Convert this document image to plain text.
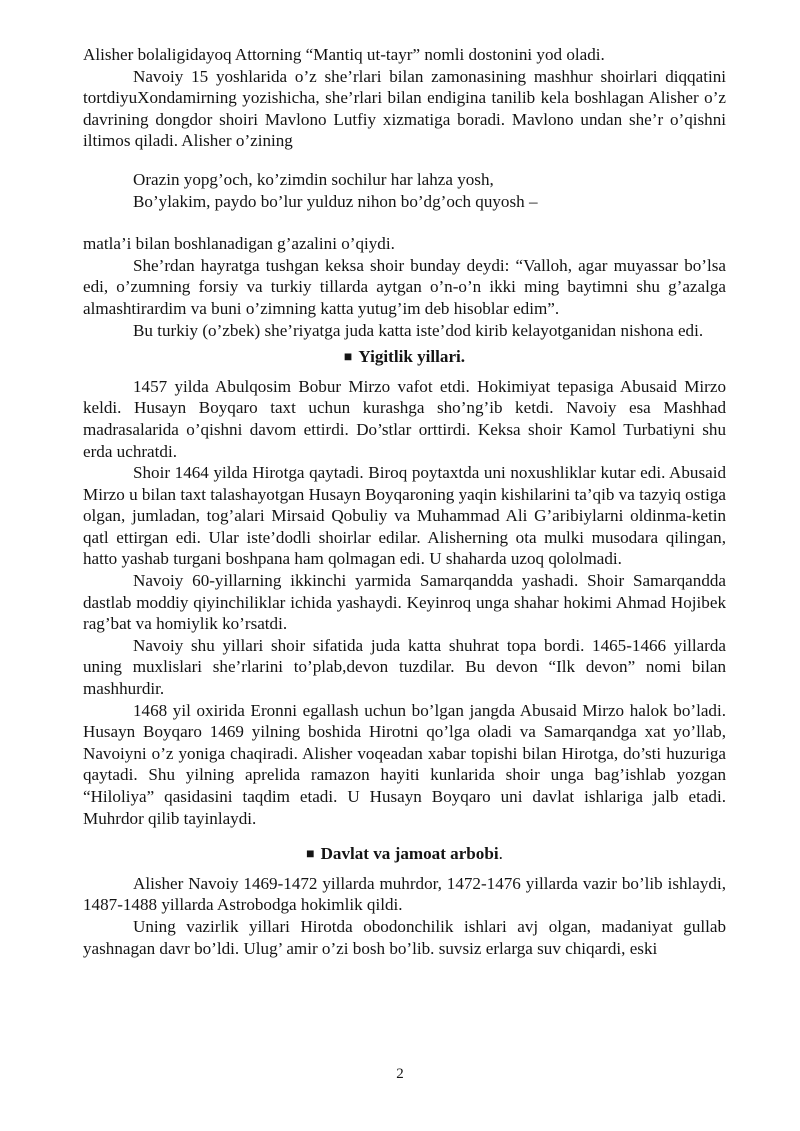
Alisher bolaligidayoq Attorning “Mantiq ut-tayr” nomli dostonini yod oladi.

Navoiy 15 yoshlarida o’z she’rlari bilan zamonasining mashhur shoirlari diqqatini tortdiyuXondamirning yozishicha, she’rlari bilan endigina tanilib kela boshlagan Alisher o’z davrining dongdor shoiri Mavlono Lutfiy xizmatiga boradi. Mavlono undan she’r o’qishni iltimos qiladi. Alisher o’zining

Orazin yopg’och, ko’zimdin sochilur har lahza yosh,
Bo’ylakim, paydo bo’lur yulduz nihon bo’dg’och quyosh –

matla’i bilan boshlanadigan g’azalini o’qiydi.

She’rdan hayratga tushgan keksa shoir bunday deydi: “Valloh, agar muyassar bo’lsa edi, o’zumning forsiy va turkiy tillarda aytgan o’n-o’n ikki ming baytimni shu g’azalga almashtirardim va buni o’zimning katta yutug’im deb hisoblar edim”.

Bu turkiy (o’zbek) she’riyatga juda katta iste’dod kirib kelayotganidan nishona edi.

■ Yigitlik yillari.

1457 yilda Abulqosim Bobur Mirzo vafot etdi. Hokimiyat tepasiga Abusaid Mirzo keldi. Husayn Boyqaro taxt uchun kurashga sho’ng’ib ketdi. Navoiy esa Mashhad madrasalarida o’qishni davom ettirdi. Do’stlar orttirdi. Keksa shoir Kamol Turbatiyni shu erda uchratdi.

Shoir 1464 yilda Hirotga qaytadi. Biroq poytaxtda uni noxushliklar kutar edi. Abusaid Mirzo u bilan taxt talashayotgan Husayn Boyqaroning yaqin kishilarini ta’qib va tazyiq ostiga olgan, jumladan, tog’alari Mirsaid Qobuliy va Muhammad Ali G’aribiylarni oldinma-ketin qatl ettirgan edi. Ular iste’dodli shoirlar edilar. Alisherning ota mulki musodara qilingan, hatto yashab turgani boshpana ham qolmagan edi. U shaharda uzoq qololmadi.

Navoiy 60-yillarning ikkinchi yarmida Samarqandda yashadi. Shoir Samarqandda dastlab moddiy qiyinchiliklar ichida yashaydi. Keyinroq unga shahar hokimi Ahmad Hojibek rag’bat va homiylik ko’rsatdi.

Navoiy shu yillari shoir sifatida juda katta shuhrat topa bordi. 1465-1466 yillarda uning muxlislari she’rlarini to’plab,devon tuzdilar. Bu devon “Ilk devon” nomi bilan mashhurdir.

1468 yil oxirida Eronni egallash uchun bo’lgan jangda Abusaid Mirzo halok bo’ladi. Husayn Boyqaro 1469 yilning boshida Hirotni qo’lga oladi va Samarqandga xat yo’llab, Navoiyni o’z yoniga chaqiradi. Alisher voqeadan xabar topishi bilan Hirotga, do’sti huzuriga qaytadi. Shu yilning aprelida ramazon hayiti kunlarida shoir unga bag’ishlab yozgan “Hiloliya” qasidasini taqdim etadi. U Husayn Boyqaro uni davlat ishlariga jalb etadi. Muhrdor qilib tayinlaydi.

■ Davlat va jamoat arbobi.

Alisher Navoiy 1469-1472 yillarda muhrdor, 1472-1476 yillarda vazir bo’lib ishlaydi, 1487-1488 yillarda Astrobodga hokimlik qildi.

Uning vazirlik yillari Hirotda obodonchilik ishlari avj olgan, madaniyat gullab yashnagan davr bo’ldi. Ulug’ amir o’zi bosh bo’lib. suvsiz erlarga suv chiqardi, eski

2
